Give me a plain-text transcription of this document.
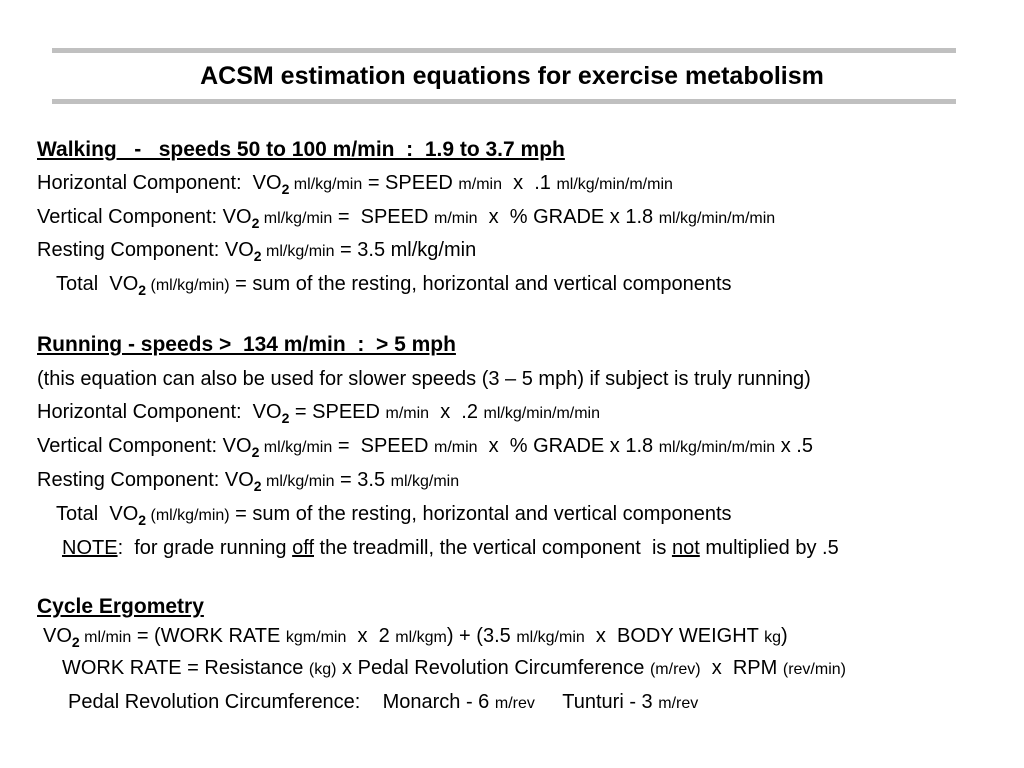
ACSM estimation equations for exercise metabolism
Walking   -   speeds 50 to 100 m/min  :  1.9 to 3.7 mph
Horizontal Component:  $VO_2$ ml/kg/min = SPEED m/min  x  .1 ml/kg/min/m/min
Vertical Component: $VO_2$ ml/kg/min =  SPEED m/min  x  % GRADE x 1.8 ml/kg/min/m/min
Resting Component: $VO_2$ ml/kg/min = 3.5 ml/kg/min
Total  $VO_2$ (ml/kg/min) = sum of the resting, horizontal and vertical components
Running - speeds >  134 m/min  :  > 5 mph
(this equation can also be used for slower speeds (3 – 5 mph) if subject is truly running)
Horizontal Component:  $VO_2$ = SPEED m/min  x  .2 ml/kg/min/m/min
Vertical Component: $VO_2$ ml/kg/min =  SPEED m/min  x  % GRADE x 1.8 ml/kg/min/m/min x .5
Resting Component: $VO_2$ ml/kg/min = 3.5 ml/kg/min
Total  $VO_2$ (ml/kg/min) = sum of the resting, horizontal and vertical components
NOTE:  for grade running off the treadmill, the vertical component  is not multiplied by .5
Cycle Ergometry
$VO_2$ ml/min = (WORK RATE kgm/min  x  2 ml/kgm) + (3.5 ml/kg/min  x  BODY WEIGHT kg)
WORK RATE = Resistance (kg) x Pedal Revolution Circumference (m/rev)  x  RPM (rev/min)
Pedal Revolution Circumference:    Monarch - 6 m/rev     Tunturi - 3 m/rev
